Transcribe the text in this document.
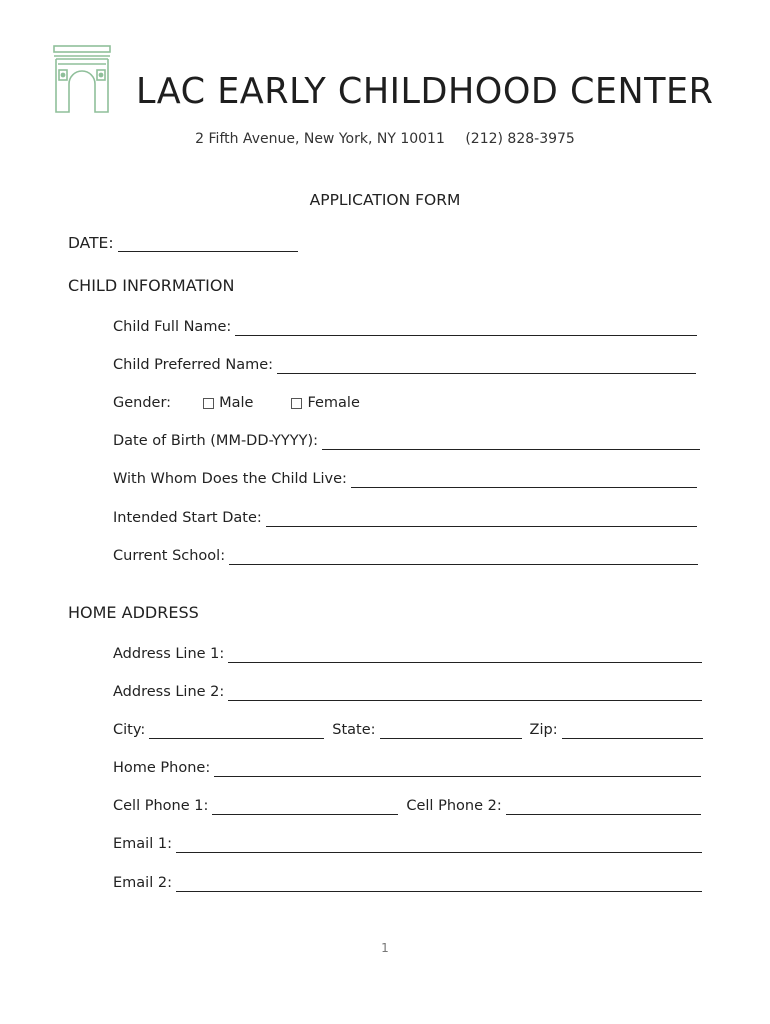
LAC EARLY CHILDHOOD CENTER
2 Fifth Avenue, New York, NY 10011 (212) 828-3975
APPLICATION FORM
DATE:
CHILD INFORMATION
Child Full Name:
Child Preferred Name:
Gender:	Male	Female
Date of Birth (MM-DD-YYYY):
With Whom Does the Child Live:
Intended Start Date:
Current School:
HOME ADDRESS
Address Line 1:
Address Line 2:
City:	State:	Zip:
Home Phone:
Cell Phone 1:	Cell Phone 2:
Email 1:
Email 2:
1
